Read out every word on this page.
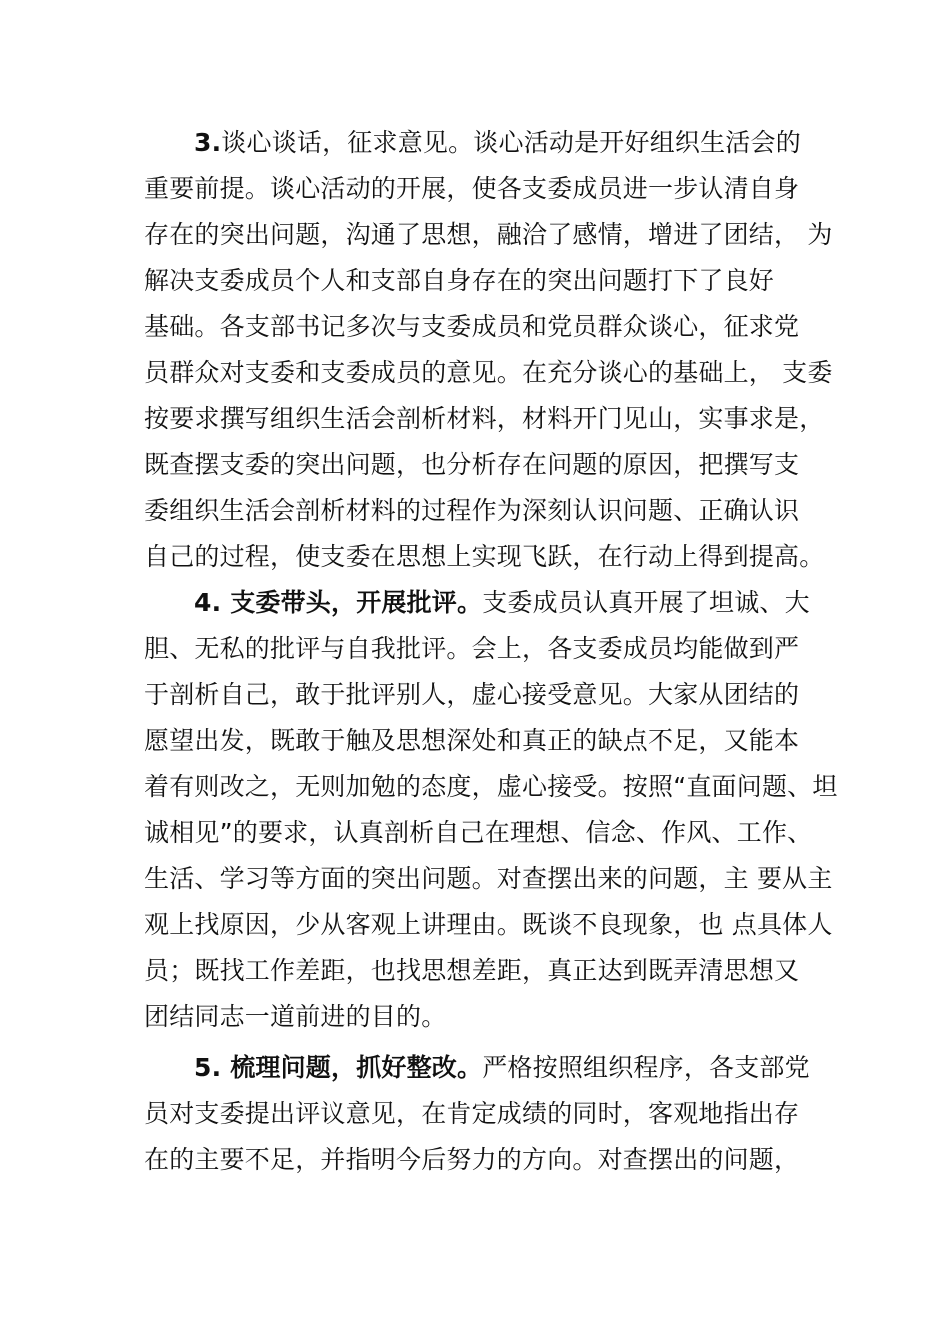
3.谈心谈话，征求意见。谈心活动是开好组织生活会的
重要前提。谈心活动的开展，使各支委成员进一步认清自身
存在的突出问题，沟通了思想，融洽了感情，增进了团结， 为
解决支委成员个人和支部自身存在的突出问题打下了良好
基础。各支部书记多次与支委成员和党员群众谈心，征求党
员群众对支委和支委成员的意见。在充分谈心的基础上， 支委
按要求撰写组织生活会剖析材料，材料开门见山，实事求是，
既查摆支委的突出问题，也分析存在问题的原因，把撰写支
委组织生活会剖析材料的过程作为深刻认识问题、正确认识
自己的过程，使支委在思想上实现飞跃，在行动上得到提高。
4. 支委带头，开展批评。支委成员认真开展了坦诚、大
胆、无私的批评与自我批评。会上，各支委成员均能做到严
于剖析自己，敢于批评别人，虚心接受意见。大家从团结的
愿望出发，既敢于触及思想深处和真正的缺点不足，又能本
着有则改之，无则加勉的态度，虚心接受。按照“直面问题、坦
诚相见”的要求，认真剖析自己在理想、信念、作风、工作、
生活、学习等方面的突出问题。对查摆出来的问题，主 要从主
观上找原因，少从客观上讲理由。既谈不良现象，也 点具体人
员；既找工作差距，也找思想差距，真正达到既弄清思想又
团结同志一道前进的目的。
5. 梳理问题，抓好整改。严格按照组织程序，各支部党
员对支委提出评议意见，在肯定成绩的同时，客观地指出存
在的主要不足，并指明今后努力的方向。对查摆出的问题，
